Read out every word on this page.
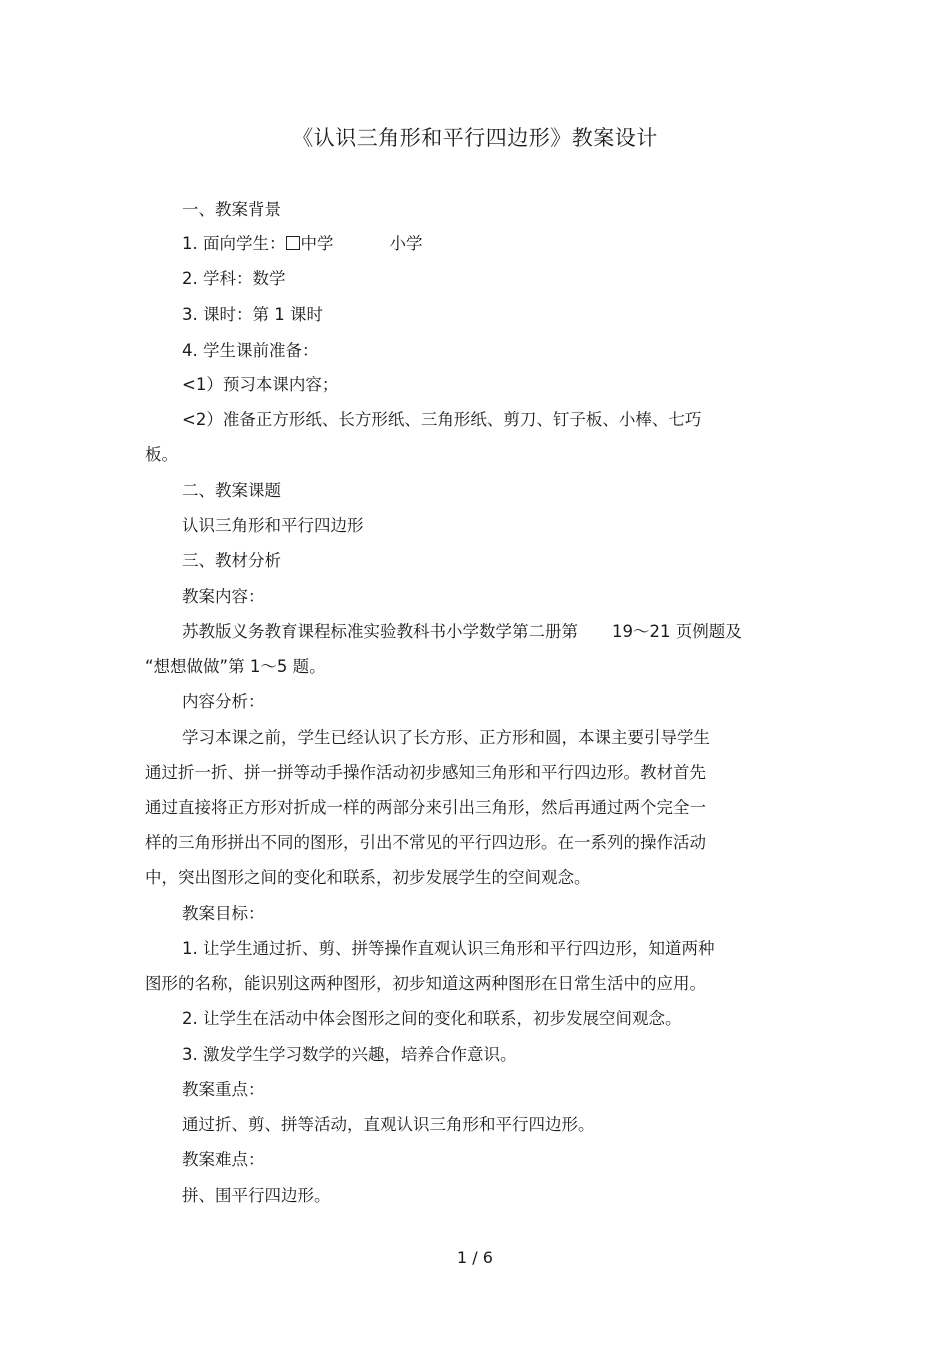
《认识三角形和平行四边形》教案设计
一、教案背景
1. 面向学生： 中学	小学
2. 学科：数学
3. 课时：第 1 课时
4. 学生课前准备：
<1）预习本课内容；
<2）准备正方形纸、长方形纸、三角形纸、剪刀、钉子板、小棒、七巧
板。
二、教案课题
认识三角形和平行四边形
三、教材分析
教案内容：
苏教版义务教育课程标准实验教科书小学数学第二册第 19～21 页例题及
“想想做做”第 1～5 题。
内容分析：
学习本课之前，学生已经认识了长方形、正方形和圆，本课主要引导学生
通过折一折、拼一拼等动手操作活动初步感知三角形和平行四边形。教材首先
通过直接将正方形对折成一样的两部分来引出三角形，然后再通过两个完全一
样的三角形拼出不同的图形，引出不常见的平行四边形。在一系列的操作活动
中，突出图形之间的变化和联系，初步发展学生的空间观念。
教案目标：
1. 让学生通过折、剪、拼等操作直观认识三角形和平行四边形，知道两种
图形的名称，能识别这两种图形，初步知道这两种图形在日常生活中的应用。
2. 让学生在活动中体会图形之间的变化和联系，初步发展空间观念。
3. 激发学生学习数学的兴趣，培养合作意识。
教案重点：
通过折、剪、拼等活动，直观认识三角形和平行四边形。
教案难点：
拼、围平行四边形。
1 / 6
